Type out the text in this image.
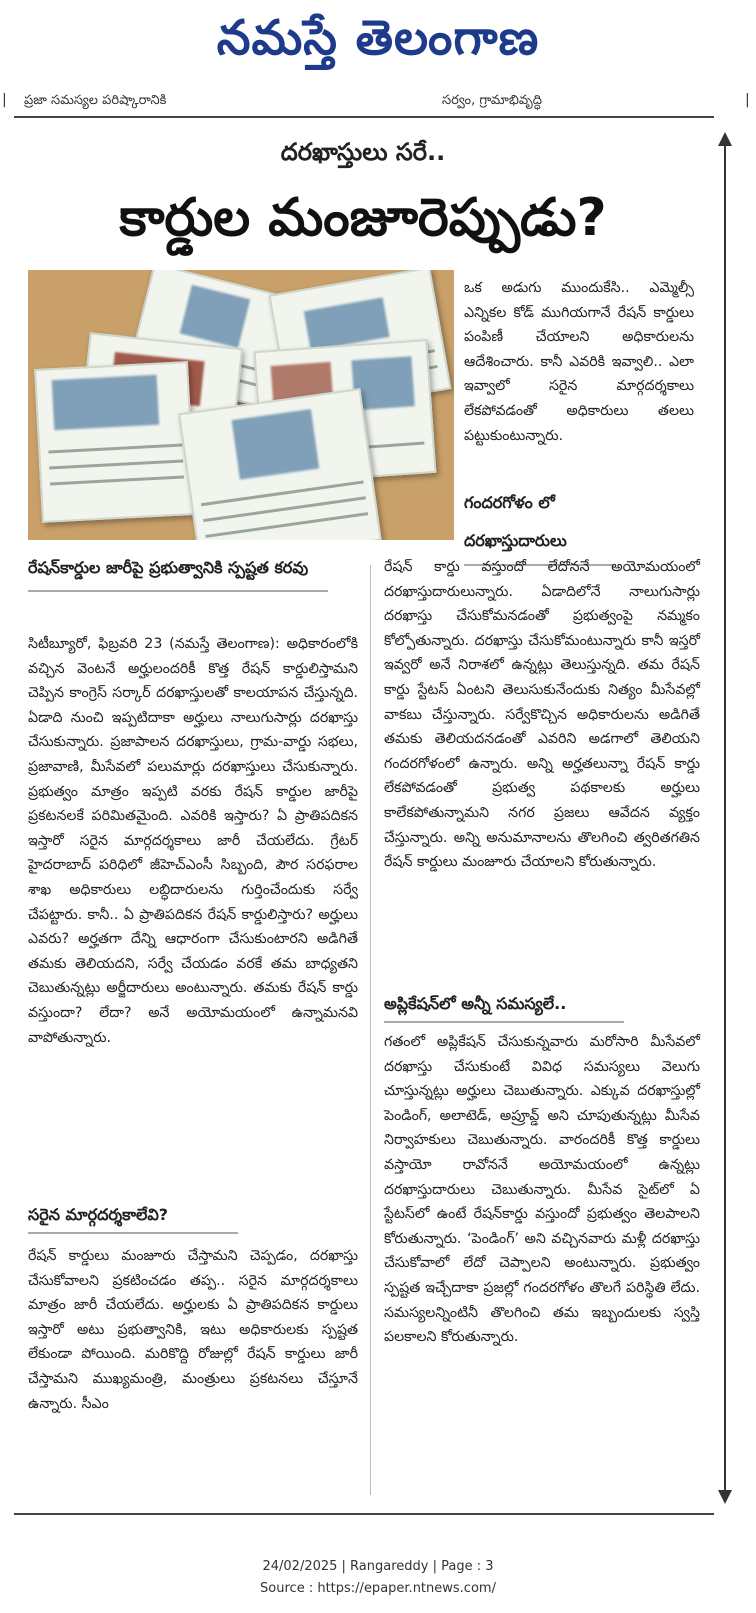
నమస్తే తెలంగాణ
ప్రజా సమస్యల పరిష్కారానికి	సర్వం, గ్రామాభివృద్ధి
|	|
దరఖాస్తులు సరే..
కార్డుల మంజూరెప్పుడు?

ఒక అడుగు ముందుకేసి.. ఎమ్మెల్సీ ఎన్నికల కోడ్ ముగియగానే రేషన్ కార్డులు పంపిణీ చేయాలని అధికారులను ఆదేశించారు. కానీ ఎవరికి ఇవ్వాలి.. ఎలా ఇవ్వాలో సరైన మార్గదర్శకాలు లేకపోవడంతో అధికారులు తలలు పట్టుకుంటున్నారు.

గందరగోళం లో దరఖాస్తుదారులు
రేషన్‌కార్డుల జారీపై ప్రభుత్వానికి స్పష్టత కరవు

సిటీబ్యూరో, ఫిబ్రవరి 23 (నమస్తే తెలంగాణ): అధికారంలోకి వచ్చిన వెంటనే అర్హులందరికీ కొత్త రేషన్ కార్డులిస్తామని చెప్పిన కాంగ్రెస్ సర్కార్ దరఖాస్తులతో కాలయాపన చేస్తున్నది. ఏడాది నుంచి ఇప్పటిదాకా అర్హులు నాలుగుసార్లు దరఖాస్తు చేసుకున్నారు. ప్రజాపాలన దరఖాస్తులు, గ్రామ-వార్డు సభలు, ప్రజావాణి, మీసేవలో పలుమార్లు దరఖాస్తులు చేసుకున్నారు. ప్రభుత్వం మాత్రం ఇప్పటి వరకు రేషన్ కార్డుల జారీపై ప్రకటనలకే పరిమితమైంది. ఎవరికి ఇస్తారు? ఏ ప్రాతిపదికన ఇస్తారో సరైన మార్గదర్శకాలు జారీ చేయలేదు. గ్రేటర్ హైదరాబాద్ పరిధిలో జీహెచ్‌ఎంసీ సిబ్బంది, పౌర సరఫరాల శాఖ అధికారులు లబ్ధిదారులను గుర్తించేందుకు సర్వే చేపట్టారు. కానీ.. ఏ ప్రాతిపదికన రేషన్ కార్డులిస్తారు? అర్హులు ఎవరు? అర్హతగా దేన్ని ఆధారంగా చేసుకుంటారని అడిగితే తమకు తెలియదని, సర్వే చేయడం వరకే తమ బాధ్యతని చెబుతున్నట్లు అర్జీదారులు అంటున్నారు. తమకు రేషన్ కార్డు వస్తుందా? లేదా? అనే అయోమయంలో ఉన్నామనవి వాపోతున్నారు.

సరైన మార్గదర్శకాలేవి?

రేషన్ కార్డులు మంజూరు చేస్తామని చెప్పడం, దరఖాస్తు చేసుకోవాలని ప్రకటించడం తప్ప.. సరైన మార్గదర్శకాలు మాత్రం జారీ చేయలేదు. అర్హులకు ఏ ప్రాతిపదికన కార్డులు ఇస్తారో అటు ప్రభుత్వానికి, ఇటు అధికారులకు స్పష్టత లేకుండా పోయింది. మరికొద్ది రోజుల్లో రేషన్ కార్డులు జారీ చేస్తామని ముఖ్యమంత్రి, మంత్రులు ప్రకటనలు చేస్తూనే ఉన్నారు. సీఎం

రేషన్ కార్డు వస్తుందో లేదోననే అయోమయంలో దరఖాస్తుదారులున్నారు. ఏడాదిలోనే నాలుగుసార్లు దరఖాస్తు చేసుకోమనడంతో ప్రభుత్వంపై నమ్మకం కోల్పోతున్నారు. దరఖాస్తు చేసుకోమంటున్నారు కానీ ఇస్తరో ఇవ్వరో అనే నిరాశలో ఉన్నట్లు తెలుస్తున్నది. తమ రేషన్ కార్డు స్టేటస్ ఏంటని తెలుసుకునేందుకు నిత్యం మీసేవల్లో వాకబు చేస్తున్నారు. సర్వేకొచ్చిన అధికారులను అడిగితే తమకు తెలియదనడంతో ఎవరిని అడగాలో తెలియని గందరగోళంలో ఉన్నారు. అన్ని అర్హతలున్నా రేషన్ కార్డు లేకపోవడంతో ప్రభుత్వ పథకాలకు అర్హులు కాలేకపోతున్నామని నగర ప్రజలు ఆవేదన వ్యక్తం చేస్తున్నారు. అన్ని అనుమానాలను తొలగించి త్వరితగతిన రేషన్ కార్డులు మంజూరు చేయాలని కోరుతున్నారు.

అప్లికేషన్‌లో అన్నీ సమస్యలే..

గతంలో అప్లికేషన్ చేసుకున్నవారు మరోసారి మీసేవలో దరఖాస్తు చేసుకుంటే వివిధ సమస్యలు వెలుగు చూస్తున్నట్లు అర్హులు చెబుతున్నారు. ఎక్కువ దరఖాస్తుల్లో పెండింగ్, అలాటెడ్, అప్రూవ్డ్ అని చూపుతున్నట్లు మీసేవ నిర్వాహకులు చెబుతున్నారు. వారందరికీ కొత్త కార్డులు వస్తాయో రావోననే అయోమయంలో ఉన్నట్లు దరఖాస్తుదారులు చెబుతున్నారు. మీసేవ సైట్‌లో ఏ స్టేటస్‌లో ఉంటే రేషన్‌కార్డు వస్తుందో ప్రభుత్వం తెలపాలని కోరుతున్నారు. ‘పెండింగ్’ అని వచ్చినవారు మళ్లీ దరఖాస్తు చేసుకోవాలో లేదో చెప్పాలని అంటున్నారు. ప్రభుత్వం స్పష్టత ఇచ్చేదాకా ప్రజల్లో గందరగోళం తొలగే పరిస్థితి లేదు. సమస్యలన్నింటినీ తొలగించి తమ ఇబ్బందులకు స్వస్తి పలకాలని కోరుతున్నారు.

24/02/2025 | Rangareddy | Page : 3
Source : https://epaper.ntnews.com/
